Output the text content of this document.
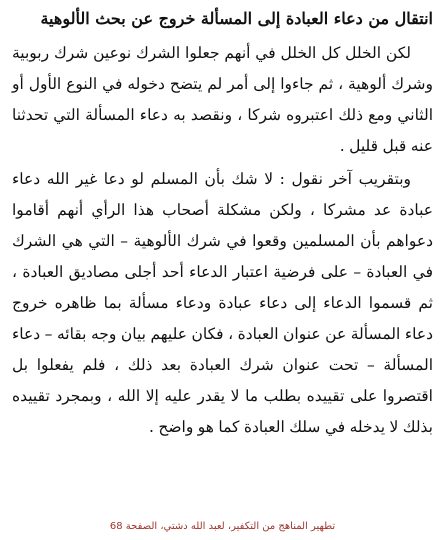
انتقال من دعاء العبادة إلى المسألة خروج عن بحث الألوهية

لكن الخلل كل الخلل في أنهم جعلوا الشرك نوعين شرك ربوبية وشرك ألوهية ، ثم جاءوا إلى أمر لم يتضح دخوله في النوع الأول أو الثاني ومع ذلك اعتبروه شركا ، ونقصد به دعاء المسألة التي تحدثنا عنه قبل قليل .

وبتقريب آخر نقول : لا شك بأن المسلم لو دعا غير الله دعاء عبادة عد مشركا ، ولكن مشكلة أصحاب هذا الرأي أنهم أقاموا دعواهم بأن المسلمين وقعوا في شرك الألوهية – التي هي الشرك في العبادة – على فرضية اعتبار الدعاء أحد أجلى مصاديق العبادة ، ثم قسموا الدعاء إلى دعاء عبادة ودعاء مسألة بما ظاهره خروج دعاء المسألة عن عنوان العبادة ، فكان عليهم بيان وجه بقائه – دعاء المسألة – تحت عنوان شرك العبادة بعد ذلك ، فلم يفعلوا بل اقتصروا على تقييده بطلب ما لا يقدر عليه إلا الله ، وبمجرد تقييده بذلك لا يدخله في سلك العبادة كما هو واضح .

تطهير المناهج من التكفير، لعبد الله دشتي، الصفحة 68
